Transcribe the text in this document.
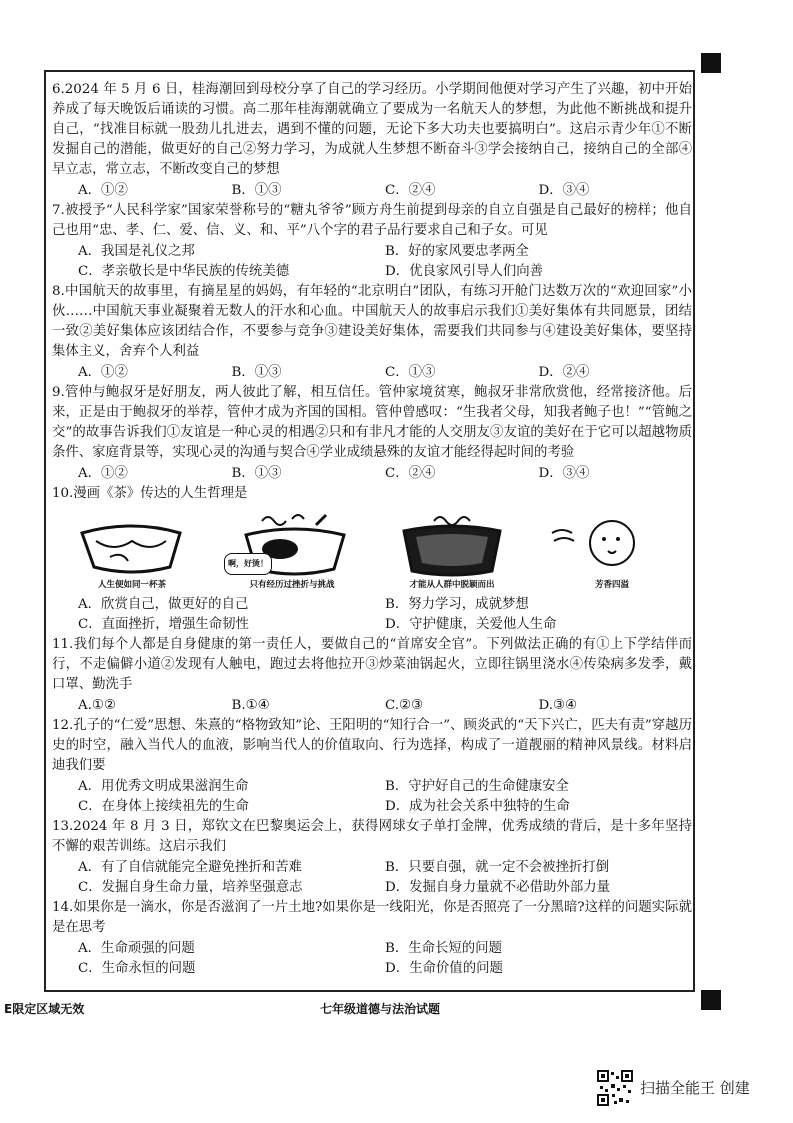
6.2024 年 5 月 6 日，桂海潮回到母校分享了自己的学习经历。小学期间他便对学习产生了兴趣，初中开始养成了每天晚饭后诵读的习惯。高二那年桂海潮就确立了要成为一名航天人的梦想，为此他不断挑战和提升自己，“找准目标就一股劲儿扎进去，遇到不懂的问题，无论下多大功夫也要搞明白”。这启示青少年①不断发掘自己的潜能，做更好的自己②努力学习，为成就人生梦想不断奋斗③学会接纳自己，接纳自己的全部④早立志，常立志，不断改变自己的梦想
A．①②	B．①③	C．②④	D．③④
7.被授予“人民科学家”国家荣誉称号的“糖丸爷爷”顾方舟生前提到母亲的自立自强是自己最好的榜样；他自己也用“忠、孝、仁、爱、信、义、和、平”八个字的君子品行要求自己和子女。可见
A．我国是礼仪之邦	B．好的家风要忠孝两全
C．孝亲敬长是中华民族的传统美德	D．优良家风引导人们向善
8.中国航天的故事里，有摘星星的妈妈，有年轻的“北京明白”团队，有练习开舱门达数万次的“欢迎回家”小伙……中国航天事业凝聚着无数人的汗水和心血。中国航天人的故事启示我们①美好集体有共同愿景，团结一致②美好集体应该团结合作，不要参与竞争③建设美好集体，需要我们共同参与④建设美好集体，要坚持集体主义，舍弃个人利益
A．①②	B．①③	C．①③	D．②④
9.管仲与鲍叔牙是好朋友，两人彼此了解，相互信任。管仲家境贫寒，鲍叔牙非常欣赏他，经常接济他。后来，正是由于鲍叔牙的举荐，管仲才成为齐国的国相。管仲曾感叹：“生我者父母，知我者鲍子也！”“管鲍之交”的故事告诉我们①友谊是一种心灵的相遇②只和有非凡才能的人交朋友③友谊的美好在于它可以超越物质条件、家庭背景等，实现心灵的沟通与契合④学业成绩悬殊的友谊才能经得起时间的考验
A．①②	B．①③	C．②④	D．③④
10.漫画《茶》传达的人生哲理是
人生便如同一杯茶	只有经历过挫折与挑战
啊，好烫！
才能从人群中脱颖而出	芳香四溢
A．欣赏自己，做更好的自己	B．努力学习，成就梦想
C．直面挫折，增强生命韧性	D．守护健康，关爱他人生命
11.我们每个人都是自身健康的第一责任人，要做自己的“首席安全官”。下列做法正确的有①上下学结伴而行，不走偏僻小道②发现有人触电，跑过去将他拉开③炒菜油锅起火，立即往锅里浇水④传染病多发季，戴口罩、勤洗手
A.①②	B.①④	C.②③	D.③④
12.孔子的“仁爱”思想、朱熹的“格物致知”论、王阳明的“知行合一”、顾炎武的“天下兴亡，匹夫有责”穿越历史的时空，融入当代人的血液，影响当代人的价值取向、行为选择，构成了一道靓丽的精神风景线。材料启迪我们要
A．用优秀文明成果滋润生命	B．守护好自己的生命健康安全
C．在身体上接续祖先的生命	D．成为社会关系中独特的生命
13.2024 年 8 月 3 日，郑钦文在巴黎奥运会上，获得网球女子单打金牌，优秀成绩的背后，是十多年坚持不懈的艰苦训练。这启示我们
A．有了自信就能完全避免挫折和苦难	B．只要自强，就一定不会被挫折打倒
C．发掘自身生命力量，培养坚强意志	D．发掘自身力量就不必借助外部力量
14.如果你是一滴水，你是否滋润了一片土地?如果你是一线阳光，你是否照亮了一分黑暗?这样的问题实际就是在思考
A．生命顽强的问题	B．生命长短的问题
C．生命永恒的问题	D．生命价值的问题
E限定区域无效	七年级道德与法治试题
扫描全能王 创建
